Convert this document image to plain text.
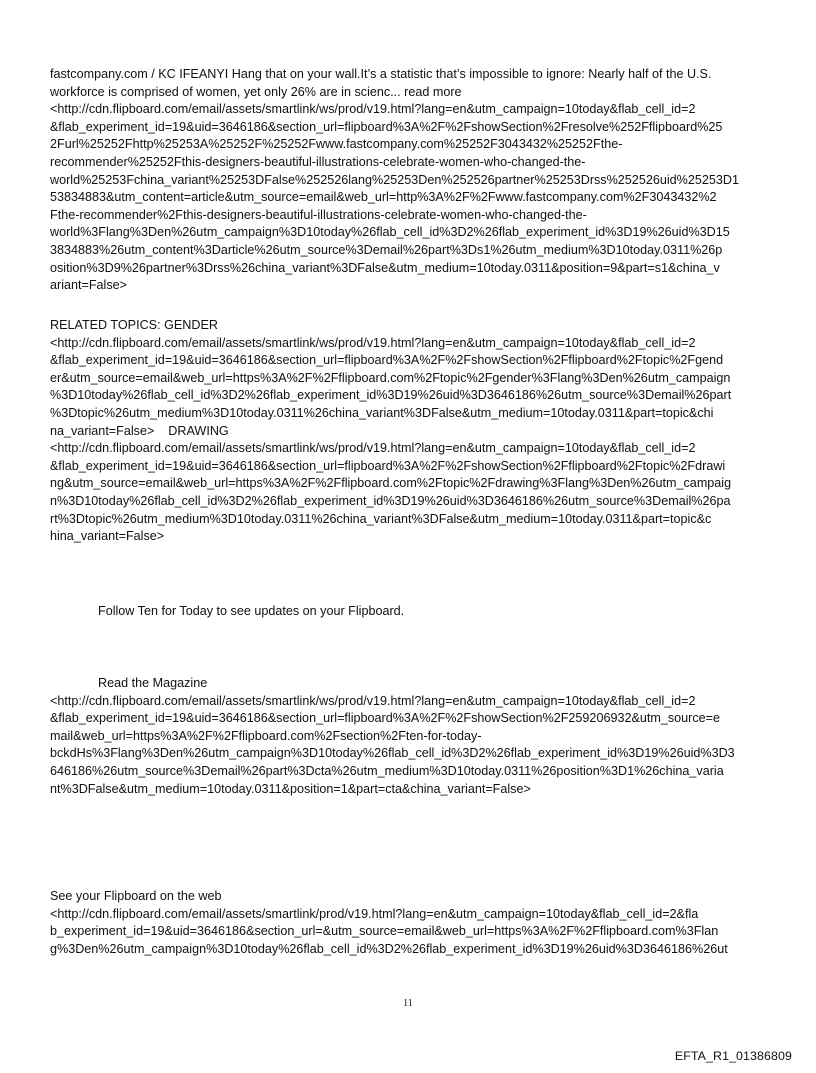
fastcompany.com / KC IFEANYI Hang that on your wall.It’s a statistic that’s impossible to ignore: Nearly half of the U.S.
workforce is comprised of women, yet only 26% are in scienc... read more
<http://cdn.flipboard.com/email/assets/smartlink/ws/prod/v19.html?lang=en&utm_campaign=10today&flab_cell_id=2
&flab_experiment_id=19&uid=3646186&section_url=flipboard%3A%2F%2FshowSection%2Fresolve%252Fflipboard%25
2Furl%25252Fhttp%25253A%25252F%25252Fwww.fastcompany.com%25252F3043432%25252Fthe-
recommender%25252Fthis-designers-beautiful-illustrations-celebrate-women-who-changed-the-
world%25253Fchina_variant%25253DFalse%252526lang%25253Den%252526partner%25253Drss%252526uid%25253D1
53834883&utm_content=article&utm_source=email&web_url=http%3A%2F%2Fwww.fastcompany.com%2F3043432%2
Fthe-recommender%2Fthis-designers-beautiful-illustrations-celebrate-women-who-changed-the-
world%3Flang%3Den%26utm_campaign%3D10today%26flab_cell_id%3D2%26flab_experiment_id%3D19%26uid%3D15
3834883%26utm_content%3Darticle%26utm_source%3Demail%26part%3Ds1%26utm_medium%3D10today.0311%26p
osition%3D9%26partner%3Drss%26china_variant%3DFalse&utm_medium=10today.0311&position=9&part=s1&china_v
ariant=False>
RELATED TOPICS: GENDER
<http://cdn.flipboard.com/email/assets/smartlink/ws/prod/v19.html?lang=en&utm_campaign=10today&flab_cell_id=2
&flab_experiment_id=19&uid=3646186&section_url=flipboard%3A%2F%2FshowSection%2Fflipboard%2Ftopic%2Fgend
er&utm_source=email&web_url=https%3A%2F%2Fflipboard.com%2Ftopic%2Fgender%3Flang%3Den%26utm_campaign
%3D10today%26flab_cell_id%3D2%26flab_experiment_id%3D19%26uid%3D3646186%26utm_source%3Demail%26part
%3Dtopic%26utm_medium%3D10today.0311%26china_variant%3DFalse&utm_medium=10today.0311&part=topic&chi
na_variant=False>    DRAWING
<http://cdn.flipboard.com/email/assets/smartlink/ws/prod/v19.html?lang=en&utm_campaign=10today&flab_cell_id=2
&flab_experiment_id=19&uid=3646186&section_url=flipboard%3A%2F%2FshowSection%2Fflipboard%2Ftopic%2Fdrawi
ng&utm_source=email&web_url=https%3A%2F%2Fflipboard.com%2Ftopic%2Fdrawing%3Flang%3Den%26utm_campaig
n%3D10today%26flab_cell_id%3D2%26flab_experiment_id%3D19%26uid%3D3646186%26utm_source%3Demail%26pa
rt%3Dtopic%26utm_medium%3D10today.0311%26china_variant%3DFalse&utm_medium=10today.0311&part=topic&c
hina_variant=False>
Follow Ten for Today to see updates on your Flipboard.
Read the Magazine
<http://cdn.flipboard.com/email/assets/smartlink/ws/prod/v19.html?lang=en&utm_campaign=10today&flab_cell_id=2
&flab_experiment_id=19&uid=3646186&section_url=flipboard%3A%2F%2FshowSection%2F259206932&utm_source=e
mail&web_url=https%3A%2F%2Fflipboard.com%2Fsection%2Ften-for-today-
bckdHs%3Flang%3Den%26utm_campaign%3D10today%26flab_cell_id%3D2%26flab_experiment_id%3D19%26uid%3D3
646186%26utm_source%3Demail%26part%3Dcta%26utm_medium%3D10today.0311%26position%3D1%26china_varia
nt%3DFalse&utm_medium=10today.0311&position=1&part=cta&china_variant=False>
See your Flipboard on the web
<http://cdn.flipboard.com/email/assets/smartlink/prod/v19.html?lang=en&utm_campaign=10today&flab_cell_id=2&fla
b_experiment_id=19&uid=3646186&section_url=&utm_source=email&web_url=https%3A%2F%2Fflipboard.com%3Flan
g%3Den%26utm_campaign%3D10today%26flab_cell_id%3D2%26flab_experiment_id%3D19%26uid%3D3646186%26ut
11
EFTA_R1_01386809
